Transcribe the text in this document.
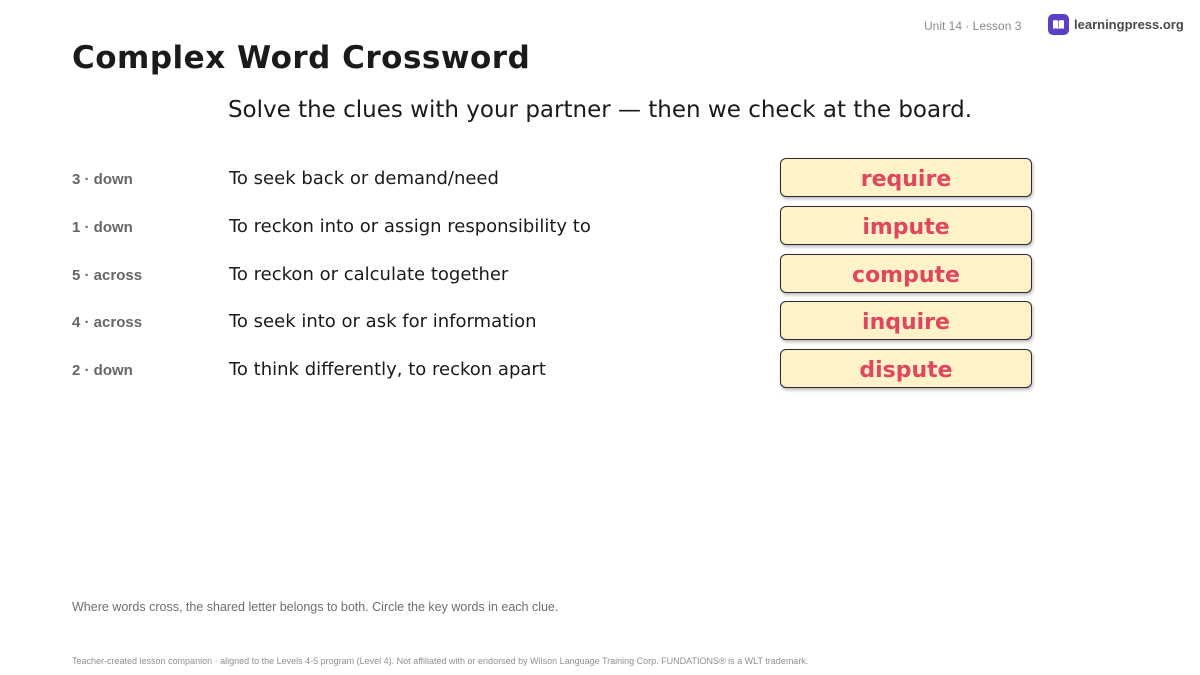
Unit 14 · Lesson 3	learningpress.org
Complex Word Crossword
Solve the clues with your partner — then we check at the board.
3 · down	To seek back or demand/need	require
1 · down	To reckon into or assign responsibility to	impute
5 · across	To reckon or calculate together	compute
4 · across	To seek into or ask for information	inquire
2 · down	To think differently, to reckon apart	dispute
Where words cross, the shared letter belongs to both. Circle the key words in each clue.
Teacher-created lesson companion · aligned to the Levels 4-5 program (Level 4). Not affiliated with or endorsed by Wilson Language Training Corp. FUNDATIONS® is a WLT trademark.
